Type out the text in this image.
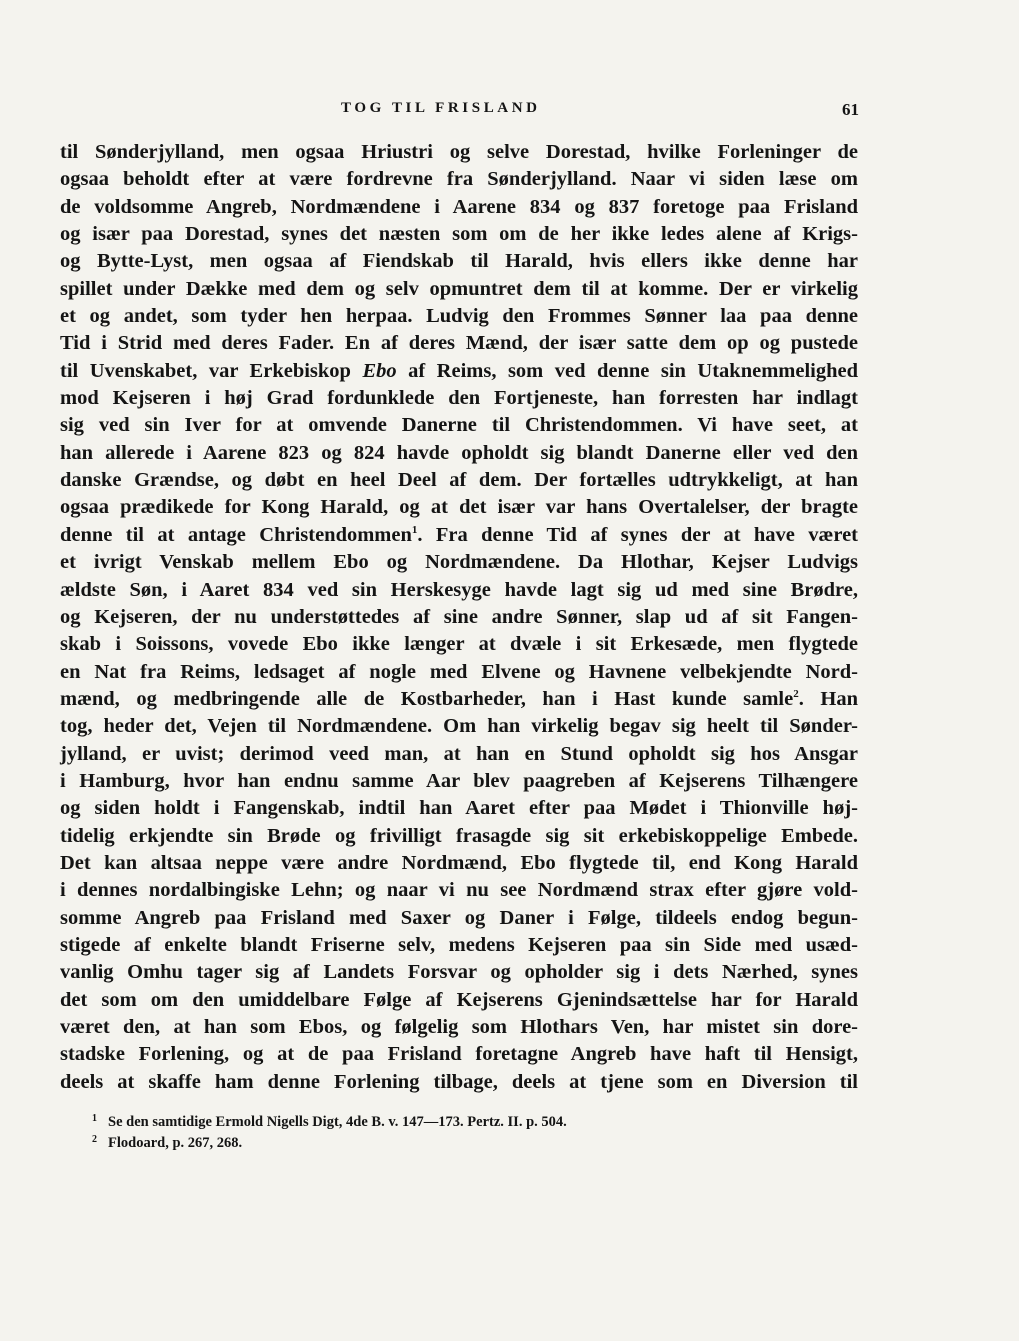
TOG TIL FRISLAND	61
til Sønderjylland, men ogsaa Hriustri og selve Dorestad, hvilke Forleninger de
ogsaa beholdt efter at være fordrevne fra Sønderjylland. Naar vi siden læse om
de voldsomme Angreb, Nordmændene i Aarene 834 og 837 foretoge paa Frisland
og især paa Dorestad, synes det næsten som om de her ikke ledes alene af Krigs-
og Bytte-Lyst, men ogsaa af Fiendskab til Harald, hvis ellers ikke denne har
spillet under Dække med dem og selv opmuntret dem til at komme. Der er virkelig
et og andet, som tyder hen herpaa. Ludvig den Frommes Sønner laa paa denne
Tid i Strid med deres Fader. En af deres Mænd, der især satte dem op og pustede
til Uvenskabet, var Erkebiskop Ebo af Reims, som ved denne sin Utaknemmelighed
mod Kejseren i høj Grad fordunklede den Fortjeneste, han forresten har indlagt
sig ved sin Iver for at omvende Danerne til Christendommen. Vi have seet, at
han allerede i Aarene 823 og 824 havde opholdt sig blandt Danerne eller ved den
danske Grændse, og døbt en heel Deel af dem. Der fortælles udtrykkeligt, at han
ogsaa prædikede for Kong Harald, og at det især var hans Overtalelser, der bragte
denne til at antage Christendommen$^1$. Fra denne Tid af synes der at have været
et ivrigt Venskab mellem Ebo og Nordmændene. Da Hlothar, Kejser Ludvigs
ældste Søn, i Aaret 834 ved sin Herskesyge havde lagt sig ud med sine Brødre,
og Kejseren, der nu understøttedes af sine andre Sønner, slap ud af sit Fangen-
skab i Soissons, vovede Ebo ikke længer at dvæle i sit Erkesæde, men flygtede
en Nat fra Reims, ledsaget af nogle med Elvene og Havnene velbekjendte Nord-
mænd, og medbringende alle de Kostbarheder, han i Hast kunde samle$^2$. Han
tog, heder det, Vejen til Nordmændene. Om han virkelig begav sig heelt til Sønder-
jylland, er uvist; derimod veed man, at han en Stund opholdt sig hos Ansgar
i Hamburg, hvor han endnu samme Aar blev paagreben af Kejserens Tilhængere
og siden holdt i Fangenskab, indtil han Aaret efter paa Mødet i Thionville høj-
tidelig erkjendte sin Brøde og frivilligt frasagde sig sit erkebiskoppelige Embede.
Det kan altsaa neppe være andre Nordmænd, Ebo flygtede til, end Kong Harald
i dennes nordalbingiske Lehn; og naar vi nu see Nordmænd strax efter gjøre vold-
somme Angreb paa Frisland med Saxer og Daner i Følge, tildeels endog begun-
stigede af enkelte blandt Friserne selv, medens Kejseren paa sin Side med usæd-
vanlig Omhu tager sig af Landets Forsvar og opholder sig i dets Nærhed, synes
det som om den umiddelbare Følge af Kejserens Gjenindsættelse har for Harald
været den, at han som Ebos, og følgelig som Hlothars Ven, har mistet sin dore-
stadske Forlening, og at de paa Frisland foretagne Angreb have haft til Hensigt,
deels at skaffe ham denne Forlening tilbage, deels at tjene som en Diversion til
1 Se den samtidige Ermold Nigells Digt, 4de B. v. 147—173. Pertz. II. p. 504.
2 Flodoard, p. 267, 268.
